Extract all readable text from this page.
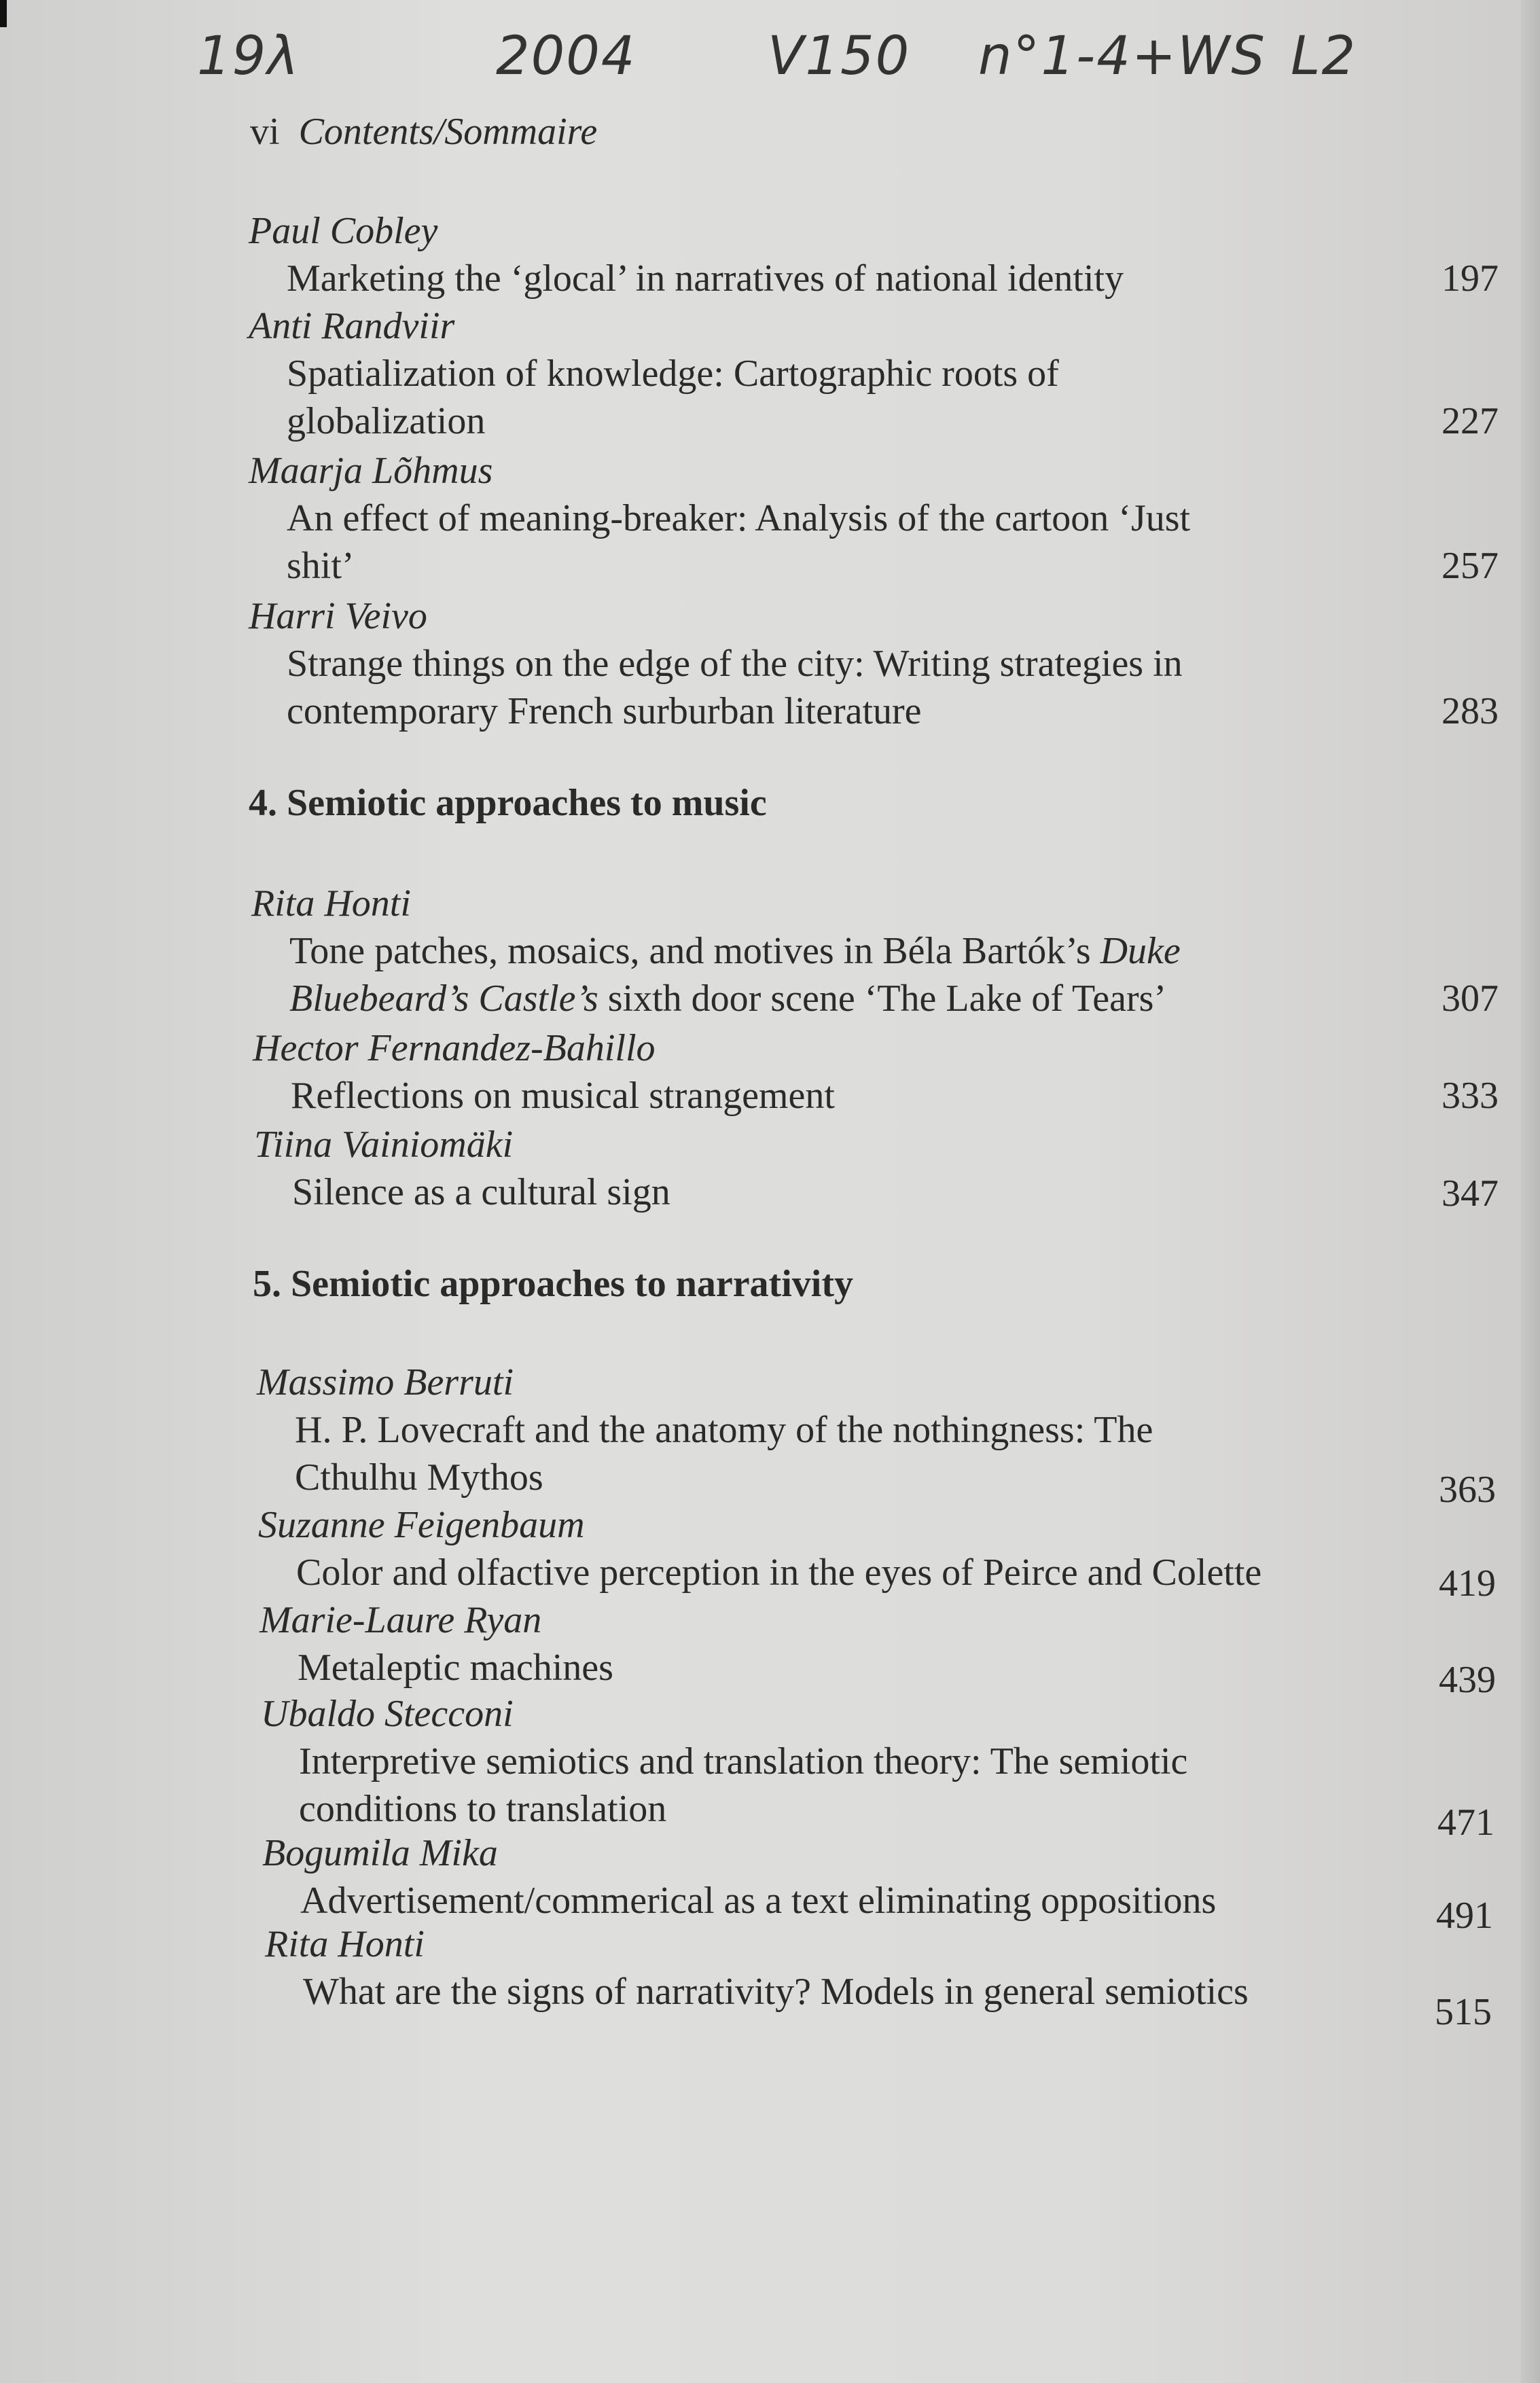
19λ	2004 V150 n°1-4+WS L2
vi Contents/Sommaire
Paul Cobley
Marketing the ‘glocal’ in narratives of national identity	197
Anti Randviir
Spatialization of knowledge: Cartographic roots of
globalization	227
Maarja Lõhmus
An effect of meaning-breaker: Analysis of the cartoon ‘Just
shit’	257
Harri Veivo
Strange things on the edge of the city: Writing strategies in
contemporary French surburban literature	283
4. Semiotic approaches to music
Rita Honti
Tone patches, mosaics, and motives in Béla Bartók’s Duke
Bluebeard’s Castle’s sixth door scene ‘The Lake of Tears’	307
Hector Fernandez-Bahillo
Reflections on musical strangement	333
Tiina Vainiomäki
Silence as a cultural sign	347
5. Semiotic approaches to narrativity
Massimo Berruti
H. P. Lovecraft and the anatomy of the nothingness: The
Cthulhu Mythos	363
Suzanne Feigenbaum
Color and olfactive perception in the eyes of Peirce and Colette	419
Marie-Laure Ryan
Metaleptic machines	439
Ubaldo Stecconi
Interpretive semiotics and translation theory: The semiotic
conditions to translation	471
Bogumila Mika
Advertisement/commerical as a text eliminating oppositions	491
Rita Honti
What are the signs of narrativity? Models in general semiotics	515
